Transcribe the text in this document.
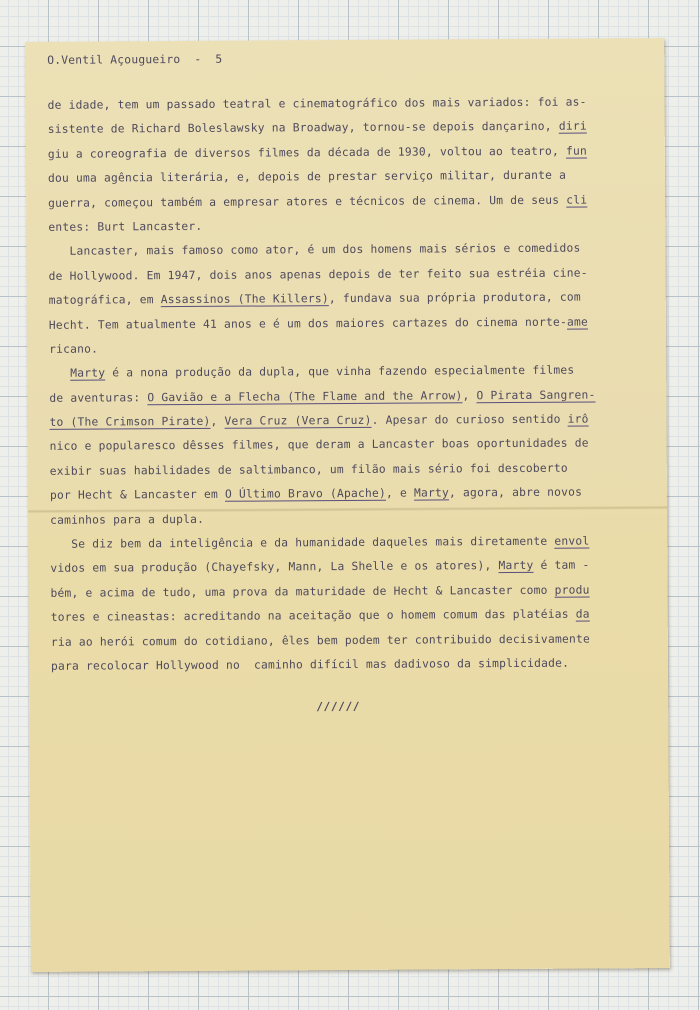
O.Ventil Açougueiro  -  5
de idade, tem um passado teatral e cinematográfico dos mais variados: foi as-
sistente de Richard Boleslawsky na Broadway, tornou-se depois dançarino, diri
giu a coreografia de diversos filmes da década de 1930, voltou ao teatro, fun
dou uma agência literária, e, depois de prestar serviço militar, durante a
guerra, começou também a empresar atores e técnicos de cinema. Um de seus cli
entes: Burt Lancaster.
Lancaster, mais famoso como ator, é um dos homens mais sérios e comedidos
de Hollywood. Em 1947, dois anos apenas depois de ter feito sua estréia cine-
matográfica, em Assassinos (The Killers), fundava sua própria produtora, com
Hecht. Tem atualmente 41 anos e é um dos maiores cartazes do cinema norte-ame
ricano.
Marty é a nona produção da dupla, que vinha fazendo especialmente filmes
de aventuras: O Gavião e a Flecha (The Flame and the Arrow), O Pirata Sangren-
to (The Crimson Pirate), Vera Cruz (Vera Cruz). Apesar do curioso sentido irô
nico e popularesco dêsses filmes, que deram a Lancaster boas oportunidades de
exibir suas habilidades de saltimbanco, um filão mais sério foi descoberto
por Hecht & Lancaster em O Último Bravo (Apache), e Marty, agora, abre novos
caminhos para a dupla.
Se diz bem da inteligência e da humanidade daqueles mais diretamente envol
vidos em sua produção (Chayefsky, Mann, La Shelle e os atores), Marty é tam -
bém, e acima de tudo, uma prova da maturidade de Hecht & Lancaster como produ
tores e cineastas: acreditando na aceitação que o homem comum das platéias da
ria ao herói comum do cotidiano, êles bem podem ter contribuido decisivamente
para recolocar Hollywood no  caminho difícil mas dadivoso da simplicidade.
//////
